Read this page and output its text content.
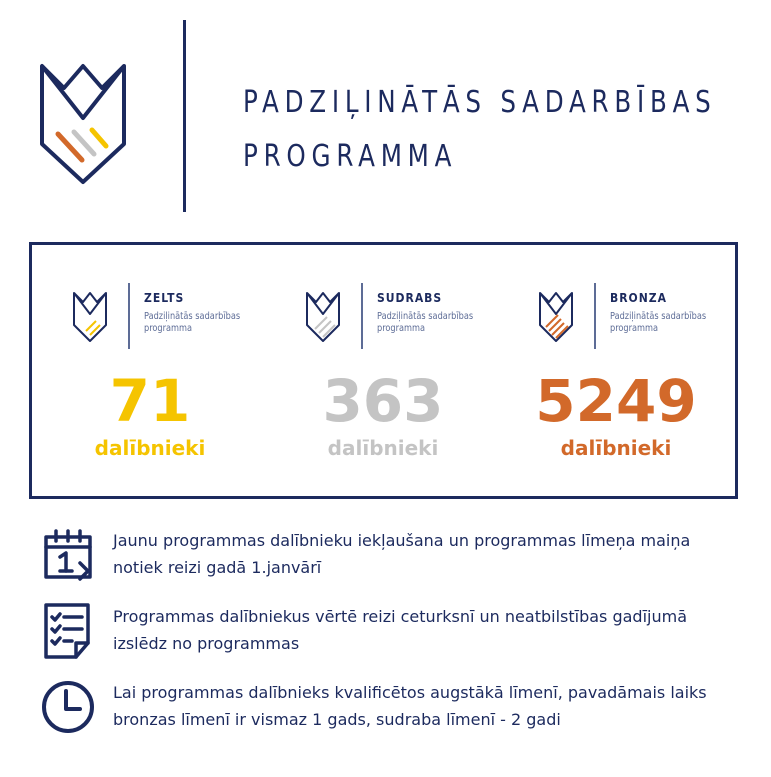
PADZIĻINĀTĀS SADARBĪBAS
PROGRAMMA
ZELTS
Padziļinātās sadarbības programma
71
dalībnieki
SUDRABS
Padziļinātās sadarbības programma
363
dalībnieki
BRONZA
Padziļinātās sadarbības programma
5249
dalībnieki
Jaunu programmas dalībnieku iekļaušana un programmas līmeņa maiņa notiek reizi gadā 1.janvārī
Programmas dalībniekus vērtē reizi ceturksnī un neatbilstības gadījumā izslēdz no programmas
Lai programmas dalībnieks kvalificētos augstākā līmenī, pavadāmais laiks bronzas līmenī ir vismaz 1 gads, sudraba līmenī - 2 gadi
